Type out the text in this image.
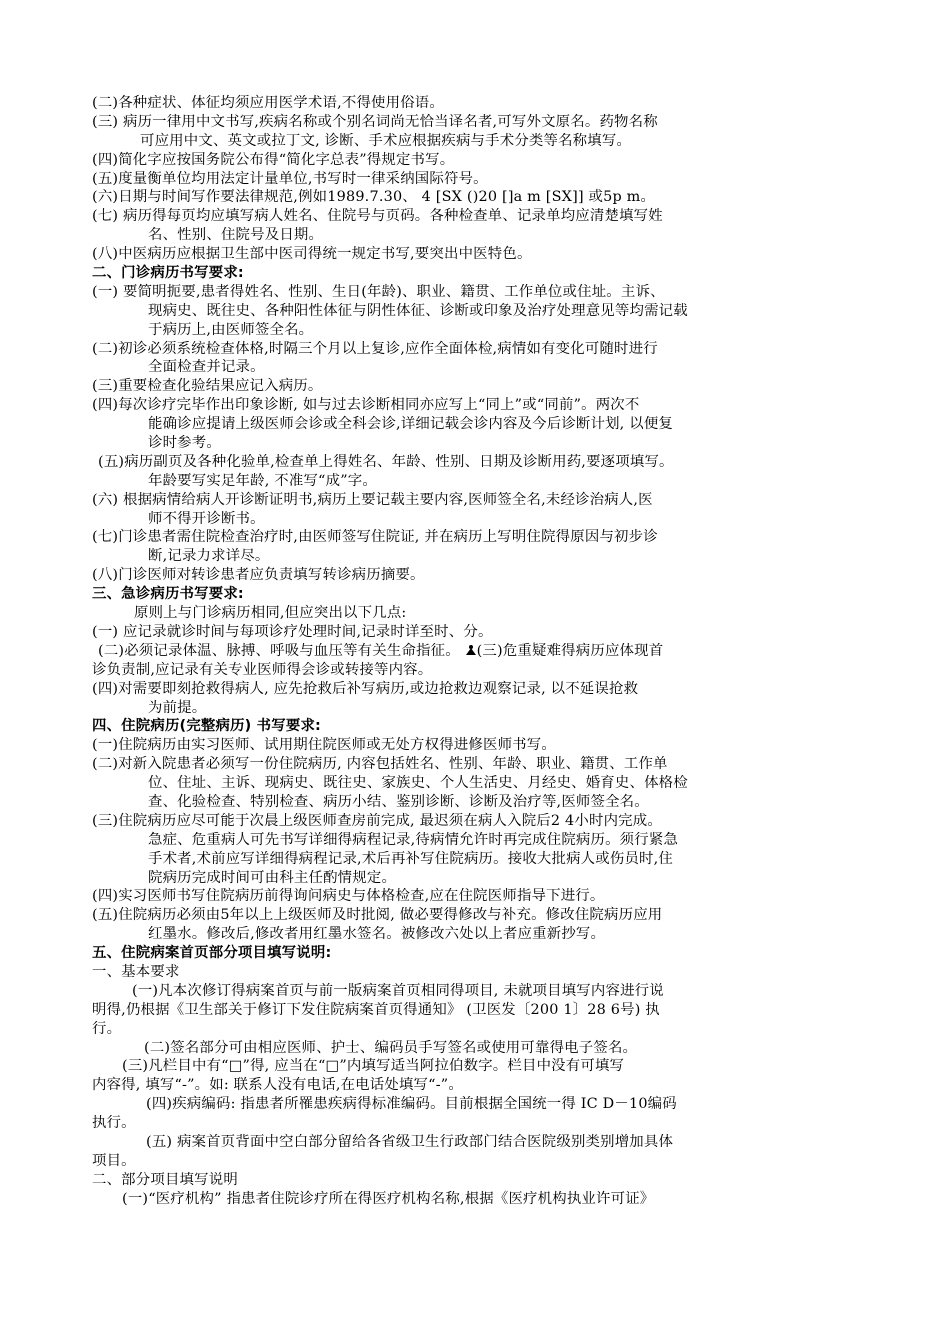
(二)各种症状、体征均须应用医学术语,不得使用俗语。
(三) 病历一律用中文书写,疾病名称或个别名词尚无恰当译名者,可写外文原名。药物名称
可应用中文、英文或拉丁文, 诊断、手术应根据疾病与手术分类等名称填写。
(四)简化字应按国务院公布得“简化字总表”得规定书写。
(五)度量衡单位均用法定计量单位,书写时一律采纳国际符号。
(六)日期与时间写作要法律规范,例如1989.7.30、 4 [SX ()20 []a m [SX]] 或5p m。
(七) 病历得每页均应填写病人姓名、住院号与页码。各种检查单、记录单均应清楚填写姓
名、性别、住院号及日期。
(八)中医病历应根据卫生部中医司得统一规定书写,要突出中医特色。
二、门诊病历书写要求:
(一) 要简明扼要,患者得姓名、性别、生日(年龄)、职业、籍贯、工作单位或住址。主诉、
现病史、既往史、各种阳性体征与阴性体征、诊断或印象及治疗处理意见等均需记载
于病历上,由医师签全名。
(二)初诊必须系统检查体格,时隔三个月以上复诊,应作全面体检,病情如有变化可随时进行
全面检查并记录。
(三)重要检查化验结果应记入病历。
(四)每次诊疗完毕作出印象诊断, 如与过去诊断相同亦应写上“同上”或“同前”。两次不
能确诊应提请上级医师会诊或全科会诊,详细记载会诊内容及今后诊断计划, 以便复
诊时参考。
(五)病历副页及各种化验单,检查单上得姓名、年龄、性别、日期及诊断用药,要逐项填写。
年龄要写实足年龄, 不准写“成”字。
(六) 根据病情给病人开诊断证明书,病历上要记载主要内容,医师签全名,未经诊治病人,医
师不得开诊断书。
(七)门诊患者需住院检查治疗时,由医师签写住院证, 并在病历上写明住院得原因与初步诊
断,记录力求详尽。
(八)门诊医师对转诊患者应负责填写转诊病历摘要。
三、急诊病历书写要求:
原则上与门诊病历相同,但应突出以下几点:
(一) 应记录就诊时间与每项诊疗处理时间,记录时详至时、分。
(二)必须记录体温、脉搏、呼吸与血压等有关生命指征。 (三)危重疑难得病历应体现首
诊负责制,应记录有关专业医师得会诊或转接等内容。
(四)对需要即刻抢救得病人, 应先抢救后补写病历,或边抢救边观察记录, 以不延误抢救
为前提。
四、住院病历(完整病历) 书写要求:
(一)住院病历由实习医师、试用期住院医师或无处方权得进修医师书写。
(二)对新入院患者必须写一份住院病历, 内容包括姓名、性别、年龄、职业、籍贯、工作单
位、住址、主诉、现病史、既往史、家族史、个人生活史、月经史、婚育史、体格检
查、化验检查、特别检查、病历小结、鉴别诊断、诊断及治疗等,医师签全名。
(三)住院病历应尽可能于次晨上级医师查房前完成, 最迟须在病人入院后2 4小时内完成。
急症、危重病人可先书写详细得病程记录,待病情允许时再完成住院病历。须行紧急
手术者,术前应写详细得病程记录,术后再补写住院病历。接收大批病人或伤员时,住
院病历完成时间可由科主任酌情规定。
(四)实习医师书写住院病历前得询问病史与体格检查,应在住院医师指导下进行。
(五)住院病历必须由5年以上上级医师及时批阅, 做必要得修改与补充。修改住院病历应用
红墨水。修改后,修改者用红墨水签名。被修改六处以上者应重新抄写。
五、住院病案首页部分项目填写说明:
一、基本要求
(一)凡本次修订得病案首页与前一版病案首页相同得项目, 未就项目填写内容进行说
明得,仍根据《卫生部关于修订下发住院病案首页得通知》 (卫医发〔200 1〕28 6号) 执
行。
(二)签名部分可由相应医师、护士、编码员手写签名或使用可靠得电子签名。
(三)凡栏目中有“□”得, 应当在“□”内填写适当阿拉伯数字。栏目中没有可填写
内容得, 填写“-”。如: 联系人没有电话,在电话处填写“-”。
(四)疾病编码: 指患者所罹患疾病得标准编码。目前根据全国统一得 IC D－10编码
执行。
(五) 病案首页背面中空白部分留给各省级卫生行政部门结合医院级别类别增加具体
项目。
二、部分项目填写说明
(一)“医疗机构” 指患者住院诊疗所在得医疗机构名称,根据《医疗机构执业许可证》
